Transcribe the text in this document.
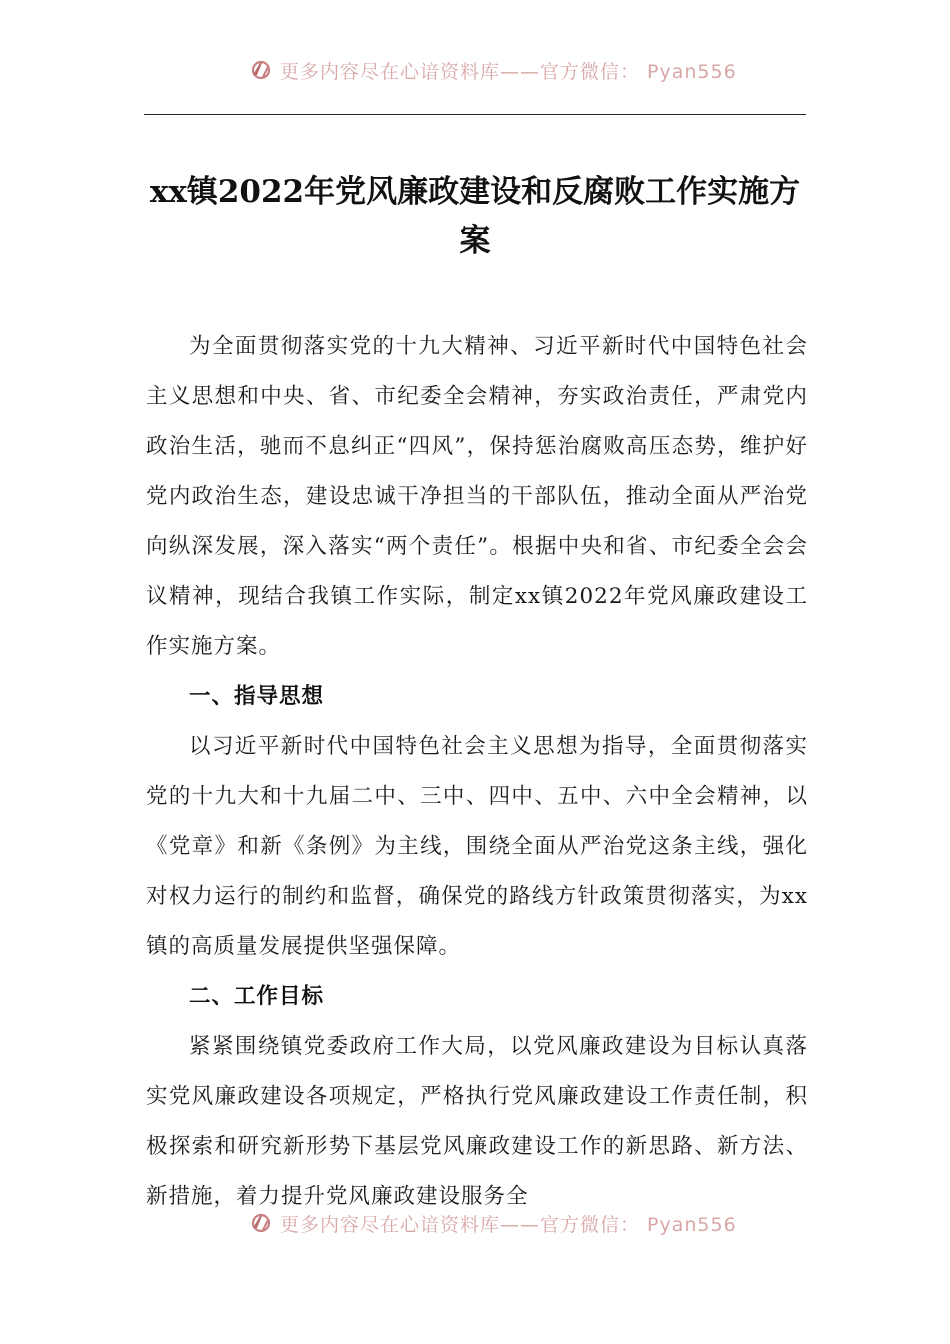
更多内容尽在心谙资料库——官方微信： Pyan556
xx镇2022年党风廉政建设和反腐败工作实施方案

为全面贯彻落实党的十九大精神、习近平新时代中国特色社会主义思想和中央、省、市纪委全会精神，夯实政治责任，严肃党内政治生活，驰而不息纠正“四风”，保持惩治腐败高压态势，维护好党内政治生态，建设忠诚干净担当的干部队伍，推动全面从严治党向纵深发展，深入落实“两个责任”。根据中央和省、市纪委全会会议精神，现结合我镇工作实际，制定xx镇2022年党风廉政建设工作实施方案。

一、指导思想

以习近平新时代中国特色社会主义思想为指导，全面贯彻落实党的十九大和十九届二中、三中、四中、五中、六中全会精神，以《党章》和新《条例》为主线，围绕全面从严治党这条主线，强化对权力运行的制约和监督，确保党的路线方针政策贯彻落实，为xx镇的高质量发展提供坚强保障。

二、工作目标

紧紧围绕镇党委政府工作大局，以党风廉政建设为目标认真落实党风廉政建设各项规定，严格执行党风廉政建设工作责任制，积极探索和研究新形势下基层党风廉政建设工作的新思路、新方法、新措施，着力提升党风廉政建设服务全

更多内容尽在心谙资料库——官方微信： Pyan556
